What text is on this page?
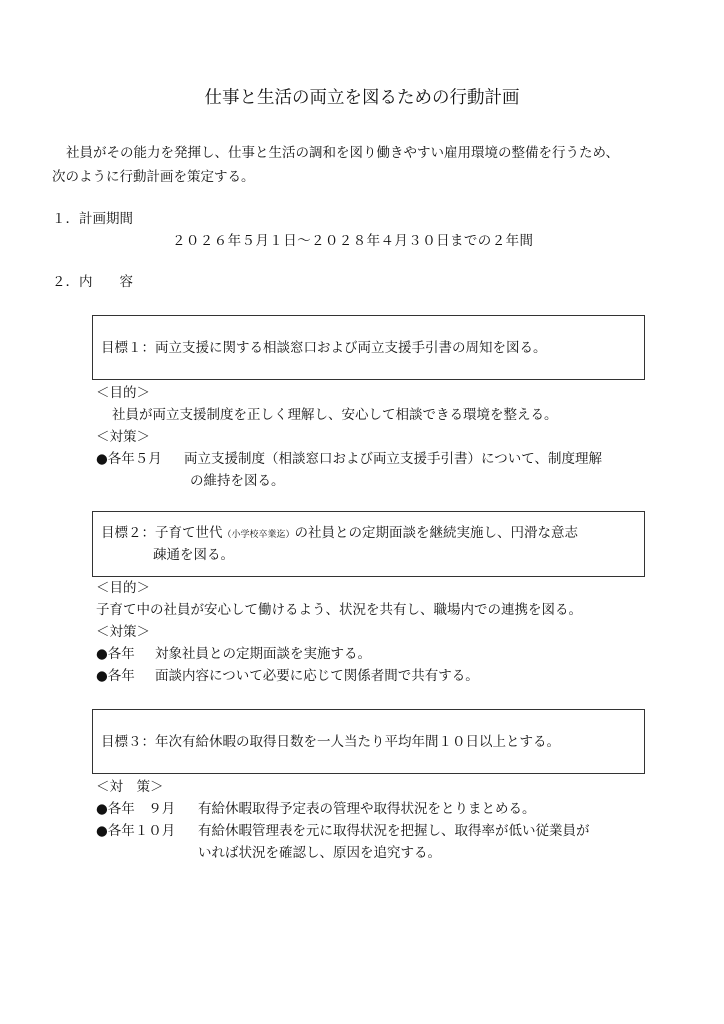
仕事と生活の両立を図るための行動計画
社員がその能力を発揮し、仕事と生活の調和を図り働きやすい雇用環境の整備を行うため、
次のように行動計画を策定する。
１．計画期間
２０２６年５月１日～２０２８年４月３０日までの２年間
２．内　　容
目標１：両立支援に関する相談窓口および両立支援手引書の周知を図る。
＜目的＞
社員が両立支援制度を正しく理解し、安心して相談できる環境を整える。
＜対策＞
●各年５月 両立支援制度（相談窓口および両立支援手引書）について、制度理解
の維持を図る。
目標２：子育て世代（小学校卒業迄）の社員との定期面談を継続実施し、円滑な意志
疎通を図る。
＜目的＞
子育て中の社員が安心して働けるよう、状況を共有し、職場内での連携を図る。
＜対策＞
●各年 対象社員との定期面談を実施する。
●各年 面談内容について必要に応じて関係者間で共有する。
目標３：年次有給休暇の取得日数を一人当たり平均年間１０日以上とする。
＜対　策＞
●各年　９月 有給休暇取得予定表の管理や取得状況をとりまとめる。
●各年１０月 有給休暇管理表を元に取得状況を把握し、取得率が低い従業員が
いれば状況を確認し、原因を追究する。
